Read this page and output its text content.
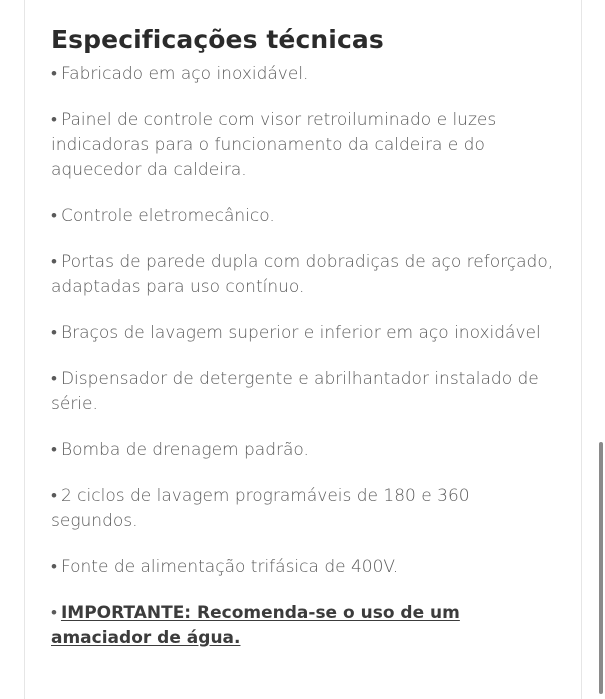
Especificações técnicas
• Fabricado em aço inoxidável.
• Painel de controle com visor retroiluminado e luzes indicadoras para o funcionamento da caldeira e do aquecedor da caldeira.
• Controle eletromecânico.
• Portas de parede dupla com dobradiças de aço reforçado, adaptadas para uso contínuo.
• Braços de lavagem superior e inferior em aço inoxidável
• Dispensador de detergente e abrilhantador instalado de série.
• Bomba de drenagem padrão.
• 2 ciclos de lavagem programáveis de 180 e 360 segundos.
• Fonte de alimentação trifásica de 400V.
• IMPORTANTE: Recomenda-se o uso de um amaciador de água.
